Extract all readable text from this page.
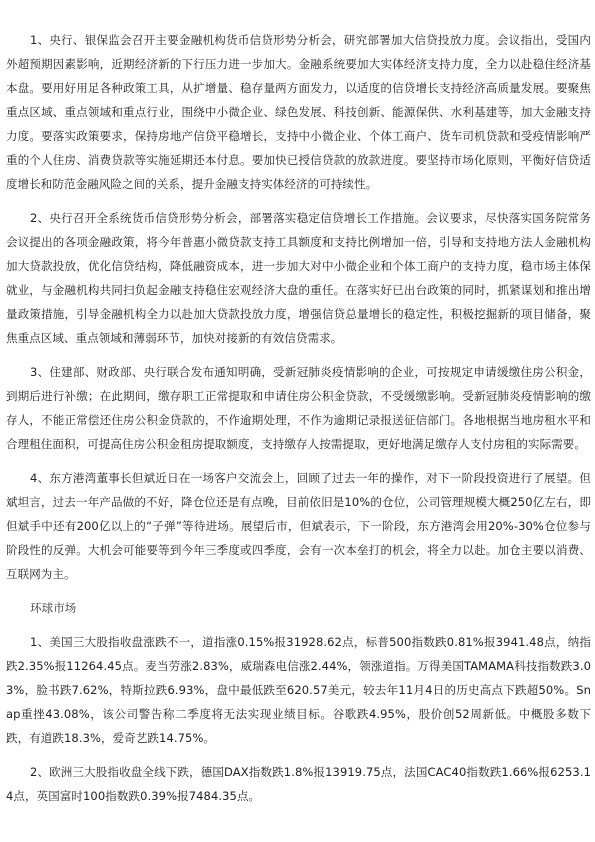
1、央行、银保监会召开主要金融机构货币信贷形势分析会，研究部署加大信贷投放力度。会议指出，受国内外超预期因素影响，近期经济新的下行压力进一步加大。金融系统要加大实体经济支持力度，全力以赴稳住经济基本盘。要用好用足各种政策工具，从扩增量、稳存量两方面发力，以适度的信贷增长支持经济高质量发展。要聚焦重点区域、重点领域和重点行业，围绕中小微企业、绿色发展、科技创新、能源保供、水利基建等，加大金融支持力度。要落实政策要求，保持房地产信贷平稳增长，支持中小微企业、个体工商户、货车司机贷款和受疫情影响严重的个人住房、消费贷款等实施延期还本付息。要加快已授信贷款的放款进度。要坚持市场化原则，平衡好信贷适度增长和防范金融风险之间的关系，提升金融支持实体经济的可持续性。

2、央行召开全系统货币信贷形势分析会，部署落实稳定信贷增长工作措施。会议要求，尽快落实国务院常务会议提出的各项金融政策，将今年普惠小微贷款支持工具额度和支持比例增加一倍，引导和支持地方法人金融机构加大贷款投放，优化信贷结构，降低融资成本，进一步加大对中小微企业和个体工商户的支持力度，稳市场主体保就业，与金融机构共同扫负起金融支持稳住宏观经济大盘的重任。在落实好已出台政策的同时，抓紧谋划和推出增量政策措施，引导金融机构全力以赴加大贷款投放力度，增强信贷总量增长的稳定性，积极挖掘新的项目储备，聚焦重点区域、重点领域和薄弱环节，加快对接新的有效信贷需求。

3、住建部、财政部、央行联合发布通知明确，受新冠肺炎疫情影响的企业，可按规定申请缓缴住房公积金，到期后进行补缴；在此期间，缴存职工正常提取和申请住房公积金贷款，不受缓缴影响。受新冠肺炎疫情影响的缴存人，不能正常偿还住房公积金贷款的，不作逾期处理，不作为逾期记录报送征信部门。各地根据当地房租水平和合理租住面积，可提高住房公积金租房提取额度，支持缴存人按需提取，更好地满足缴存人支付房租的实际需要。

4、东方港湾董事长但斌近日在一场客户交流会上，回顾了过去一年的操作，对下一阶段投资进行了展望。但斌坦言，过去一年产品做的不好，降仓位还是有点晚，目前依旧是10%的仓位，公司管理规模大概250亿左右，即但斌手中还有200亿以上的“子弹”等待进场。展望后市，但斌表示，下一阶段，东方港湾会用20%-30%仓位参与阶段性的反弹。大机会可能要等到今年三季度或四季度，会有一次本垒打的机会，将全力以赴。加仓主要以消费、互联网为主。

环球市场

1、美国三大股指收盘涨跌不一，道指涨0.15%报31928.62点，标普500指数跌0.81%报3941.48点，纳指跌2.35%报11264.45点。麦当劳涨2.83%，威瑞森电信涨2.44%，领涨道指。万得美国TAMAMA科技指数跌3.03%，脸书跌7.62%，特斯拉跌6.93%，盘中最低跌至620.57美元，较去年11月4日的历史高点下跌超50%。Snap重挫43.08%，该公司警告称二季度将无法实现业绩目标。谷歌跌4.95%，股价创52周新低。中概股多数下跌，有道跌18.3%，爱奇艺跌14.75%。

2、欧洲三大股指收盘全线下跌，德国DAX指数跌1.8%报13919.75点，法国CAC40指数跌1.66%报6253.14点，英国富时100指数跌0.39%报7484.35点。
